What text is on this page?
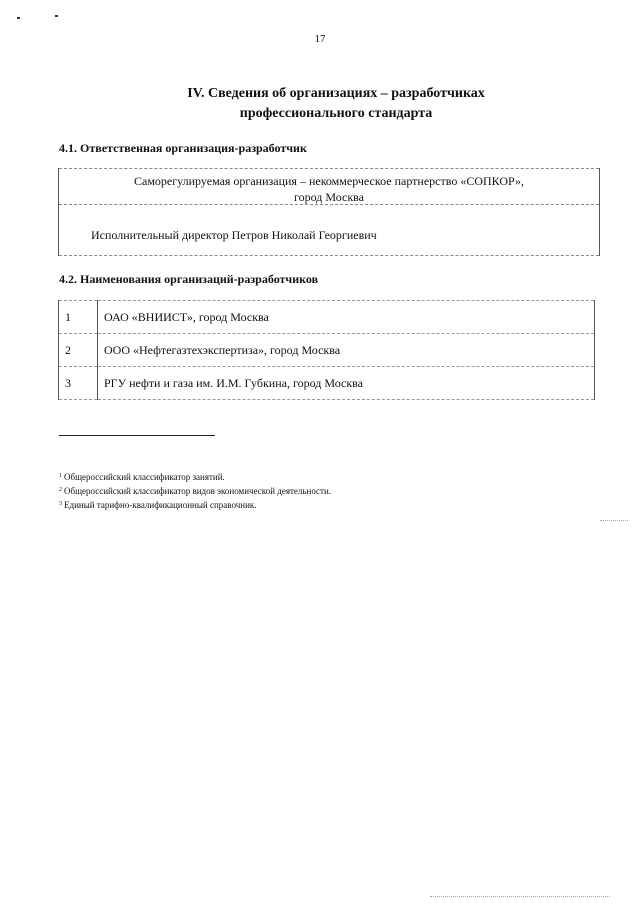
17
IV. Сведения об организациях – разработчиках
профессионального стандарта
4.1. Ответственная организация-разработчик
Саморегулируемая организация – некоммерческое партнерство «СОПКОР»,
город Москва
Исполнительный директор Петров Николай Георгиевич
4.2. Наименования организаций-разработчиков
1	ОАО «ВНИИСТ», город Москва
2	ООО «Нефтегазтехэкспертиза», город Москва
3	РГУ нефти и газа им. И.М. Губкина, город Москва
$^1$ Общероссийский классификатор занятий.
$^2$ Общероссийский классификатор видов экономической деятельности.
$^3$ Единый тарифно-квалификационный справочник.
